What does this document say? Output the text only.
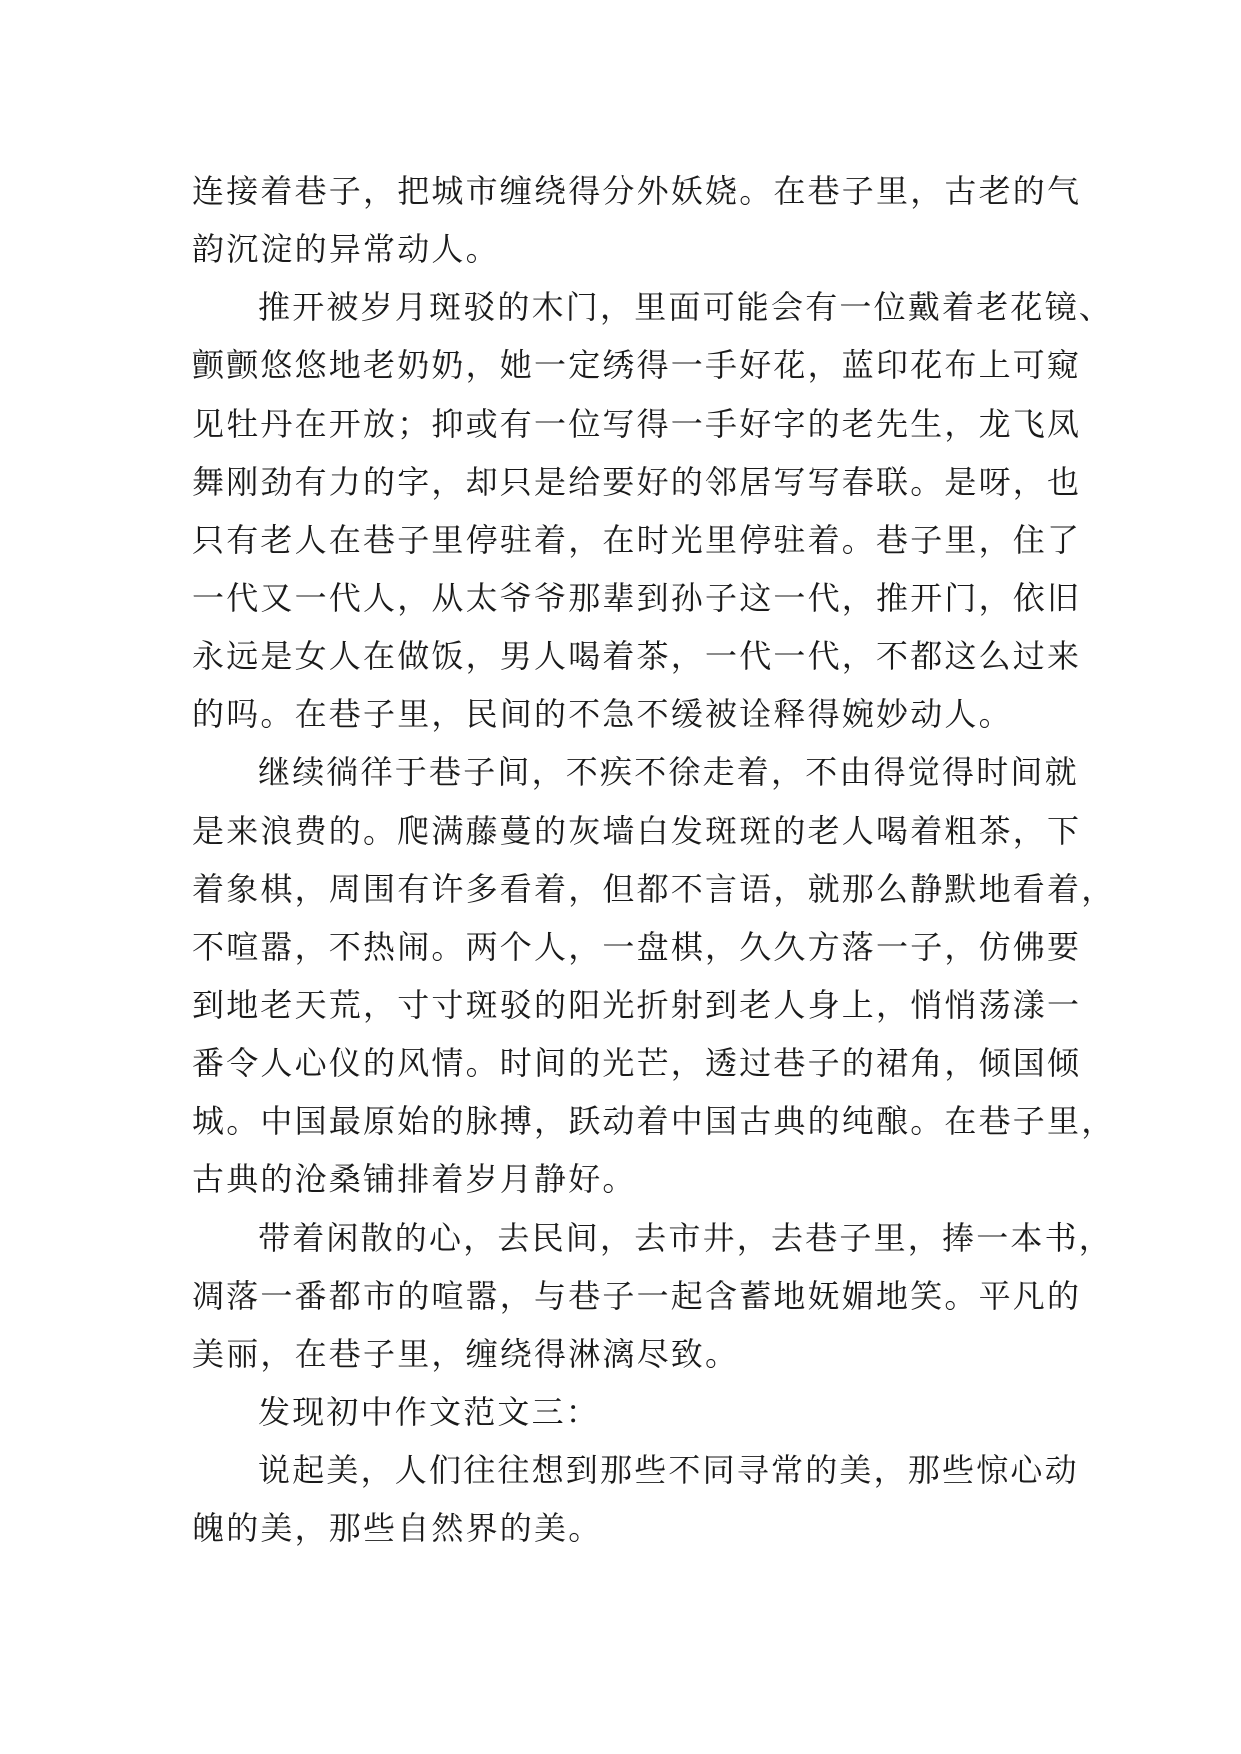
连接着巷子，把城市缠绕得分外妖娆。在巷子里，古老的气
韵沉淀的异常动人。
推开被岁月斑驳的木门，里面可能会有一位戴着老花镜、
颤颤悠悠地老奶奶，她一定绣得一手好花，蓝印花布上可窥
见牡丹在开放；抑或有一位写得一手好字的老先生，龙飞凤
舞刚劲有力的字，却只是给要好的邻居写写春联。是呀，也
只有老人在巷子里停驻着，在时光里停驻着。巷子里，住了
一代又一代人，从太爷爷那辈到孙子这一代，推开门，依旧
永远是女人在做饭，男人喝着茶，一代一代，不都这么过来
的吗。在巷子里，民间的不急不缓被诠释得婉妙动人。
继续徜徉于巷子间，不疾不徐走着，不由得觉得时间就
是来浪费的。爬满藤蔓的灰墙白发斑斑的老人喝着粗茶，下
着象棋，周围有许多看着，但都不言语，就那么静默地看着，
不喧嚣，不热闹。两个人，一盘棋，久久方落一子，仿佛要
到地老天荒，寸寸斑驳的阳光折射到老人身上，悄悄荡漾一
番令人心仪的风情。时间的光芒，透过巷子的裙角，倾国倾
城。中国最原始的脉搏，跃动着中国古典的纯酿。在巷子里，
古典的沧桑铺排着岁月静好。
带着闲散的心，去民间，去市井，去巷子里，捧一本书，
凋落一番都市的喧嚣，与巷子一起含蓄地妩媚地笑。平凡的
美丽，在巷子里，缠绕得淋漓尽致。
发现初中作文范文三：
说起美，人们往往想到那些不同寻常的美，那些惊心动
魄的美，那些自然界的美。
